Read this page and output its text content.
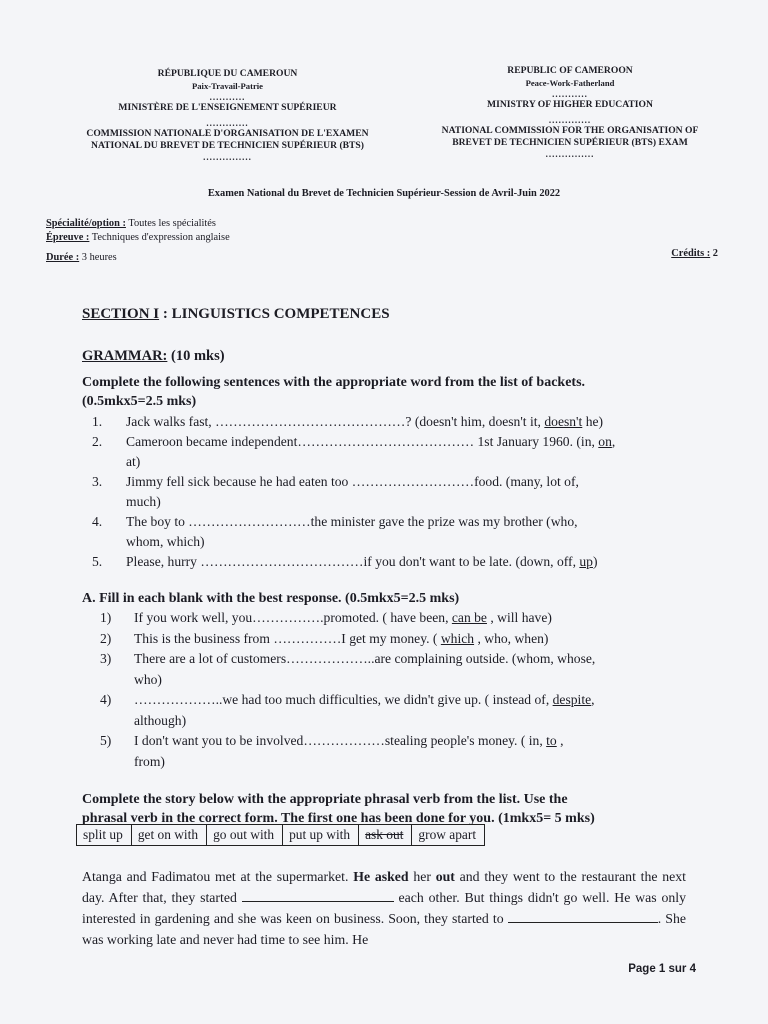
RÉPUBLIQUE DU CAMEROUN
Paix-Travail-Patrie
...........
MINISTÈRE DE L'ENSEIGNEMENT SUPÉRIEUR
.............
COMMISSION NATIONALE D'ORGANISATION DE L'EXAMEN
NATIONAL DU BREVET DE TECHNICIEN SUPÉRIEUR (BTS)
...............
REPUBLIC OF CAMEROON
Peace-Work-Fatherland
...........
MINISTRY OF HIGHER EDUCATION
.............
NATIONAL COMMISSION FOR THE ORGANISATION OF
BREVET DE TECHNICIEN SUPÉRIEUR (BTS) EXAM
...............
Examen National du Brevet de Technicien Supérieur-Session de Avril-Juin 2022
Spécialité/option : Toutes les spécialités
Épreuve : Techniques d'expression anglaise
Durée : 3 heures	Crédits : 2
SECTION I : LINGUISTICS COMPETENCES
GRAMMAR: (10 mks)
Complete the following sentences with the appropriate word from the list of backets.
(0.5mkx5=2.5 mks)
1. Jack walks fast, ……………………………………? (doesn't him, doesn't it, doesn't he)
2. Cameroon became independent………………………………… 1st January 1960. (in, on,
at)
3. Jimmy fell sick because he had eaten too ………………………food. (many, lot of,
much)
4. The boy to ………………………the minister gave the prize was my brother (who,
whom, which)
5. Please, hurry ………………………………if you don't want to be late. (down, off, up)
A. Fill in each blank with the best response. (0.5mkx5=2.5 mks)
1) If you work well, you…………….promoted. ( have been, can be , will have)
2) This is the business from ……………I get my money. ( which , who, when)
3) There are a lot of customers………………..are complaining outside. (whom, whose,
who)
4) ………………..we had too much difficulties, we didn't give up. ( instead of, despite,
although)
5) I don't want you to be involved………………stealing people's money. ( in, to ,
from)
Complete the story below with the appropriate phrasal verb from the list. Use the
phrasal verb in the correct form. The first one has been done for you. (1mkx5= 5 mks)
split up	get on with	go out with	put up with	ask out	grow apart
Atanga and Fadimatou met at the supermarket. He asked her out and they went to the restaurant the next day. After that, they started	each other. But things didn't go well. He was only interested in gardening and she was keen on business. Soon, they started to	. She was working late and never had time to see him. He
Page 1 sur 4
